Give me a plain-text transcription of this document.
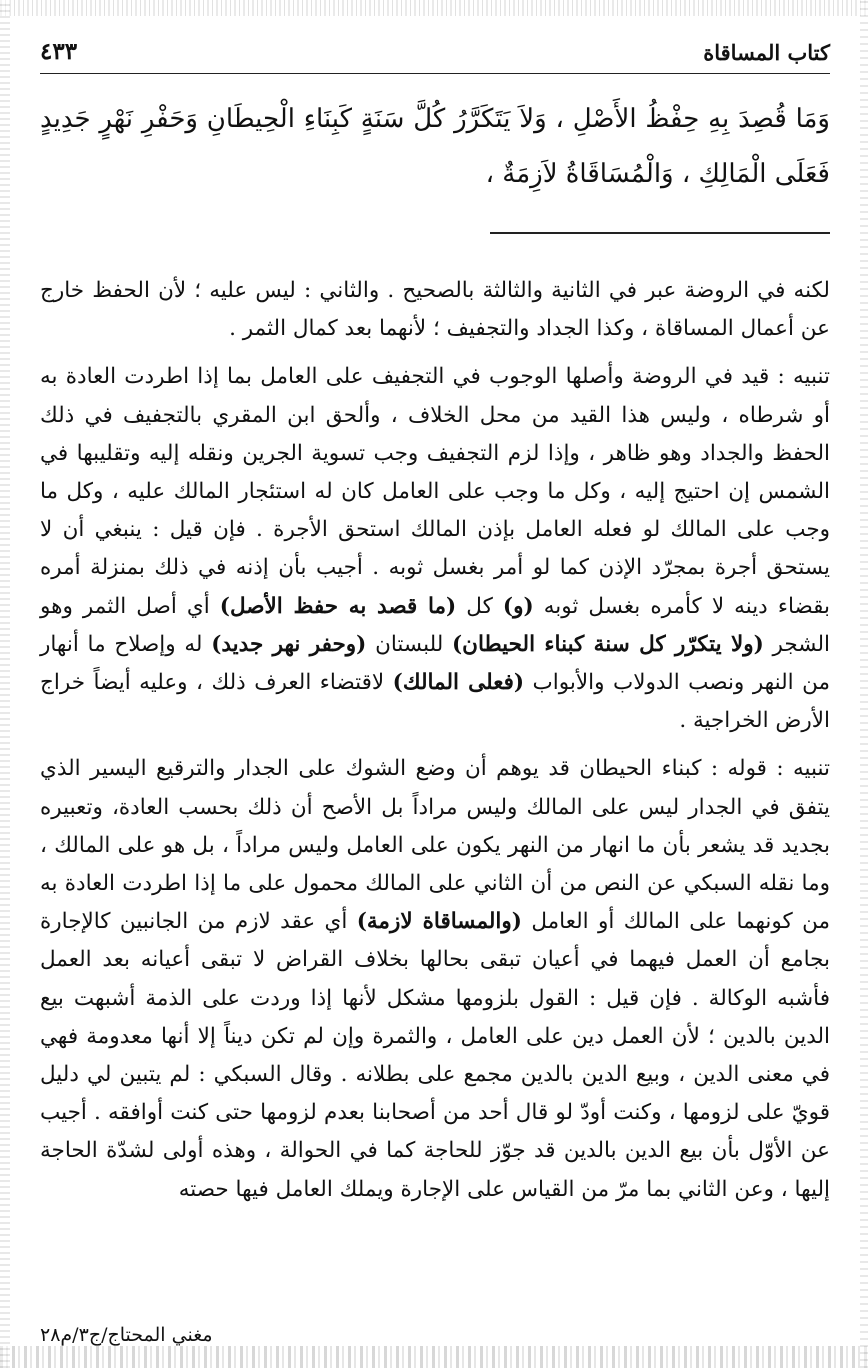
كتاب المساقاة
٤٣٣

وَمَا قُصِدَ بِهِ حِفْظُ الأَصْلِ ، وَلاَ يَتَكَرَّرُ كُلَّ سَنَةٍ كَبِنَاءِ الْحِيطَانِ وَحَفْرِ نَهْرٍ جَدِيدٍ فَعَلَى الْمَالِكِ ، وَالْمُسَاقَاةُ لاَزِمَةٌ ،

لكنه في الروضة عبر في الثانية والثالثة بالصحيح . والثاني : ليس عليه ؛ لأن الحفظ خارج عن أعمال المساقاة ، وكذا الجداد والتجفيف ؛ لأنهما بعد كمال الثمر .

تنبيه : قيد في الروضة وأصلها الوجوب في التجفيف على العامل بما إذا اطردت العادة به أو شرطاه ، وليس هذا القيد من محل الخلاف ، وألحق ابن المقري بالتجفيف في ذلك الحفظ والجداد وهو ظاهر ، وإذا لزم التجفيف وجب تسوية الجرين ونقله إليه وتقليبها في الشمس إن احتيج إليه ، وكل ما وجب على العامل كان له استئجار المالك عليه ، وكل ما وجب على المالك لو فعله العامل بإذن المالك استحق الأجرة . فإن قيل : ينبغي أن لا يستحق أجرة بمجرّد الإذن كما لو أمر بغسل ثوبه . أجيب بأن إذنه في ذلك بمنزلة أمره بقضاء دينه لا كأمره بغسل ثوبه (و) كل (ما قصد به حفظ الأصل) أي أصل الثمر وهو الشجر (ولا يتكرّر كل سنة كبناء الحيطان) للبستان (وحفر نهر جديد) له وإصلاح ما أنهار من النهر ونصب الدولاب والأبواب (فعلى المالك) لاقتضاء العرف ذلك ، وعليه أيضاً خراج الأرض الخراجية .

تنبيه : قوله : كبناء الحيطان قد يوهم أن وضع الشوك على الجدار والترقيع اليسير الذي يتفق في الجدار ليس على المالك وليس مراداً بل الأصح أن ذلك بحسب العادة، وتعبيره بجديد قد يشعر بأن ما انهار من النهر يكون على العامل وليس مراداً ، بل هو على المالك ، وما نقله السبكي عن النص من أن الثاني على المالك محمول على ما إذا اطردت العادة به من كونهما على المالك أو العامل (والمساقاة لازمة) أي عقد لازم من الجانبين كالإجارة بجامع أن العمل فيهما في أعيان تبقى بحالها بخلاف القراض لا تبقى أعيانه بعد العمل فأشبه الوكالة . فإن قيل : القول بلزومها مشكل لأنها إذا وردت على الذمة أشبهت بيع الدين بالدين ؛ لأن العمل دين على العامل ، والثمرة وإن لم تكن ديناً إلا أنها معدومة فهي في معنى الدين ، وبيع الدين بالدين مجمع على بطلانه . وقال السبكي : لم يتبين لي دليل قويّ على لزومها ، وكنت أودّ لو قال أحد من أصحابنا بعدم لزومها حتى كنت أوافقه . أجيب عن الأوّل بأن بيع الدين بالدين قد جوّز للحاجة كما في الحوالة ، وهذه أولى لشدّة الحاجة إليها ، وعن الثاني بما مرّ من القياس على الإجارة ويملك العامل فيها حصته

مغني المحتاج/ج٣/م٢٨
